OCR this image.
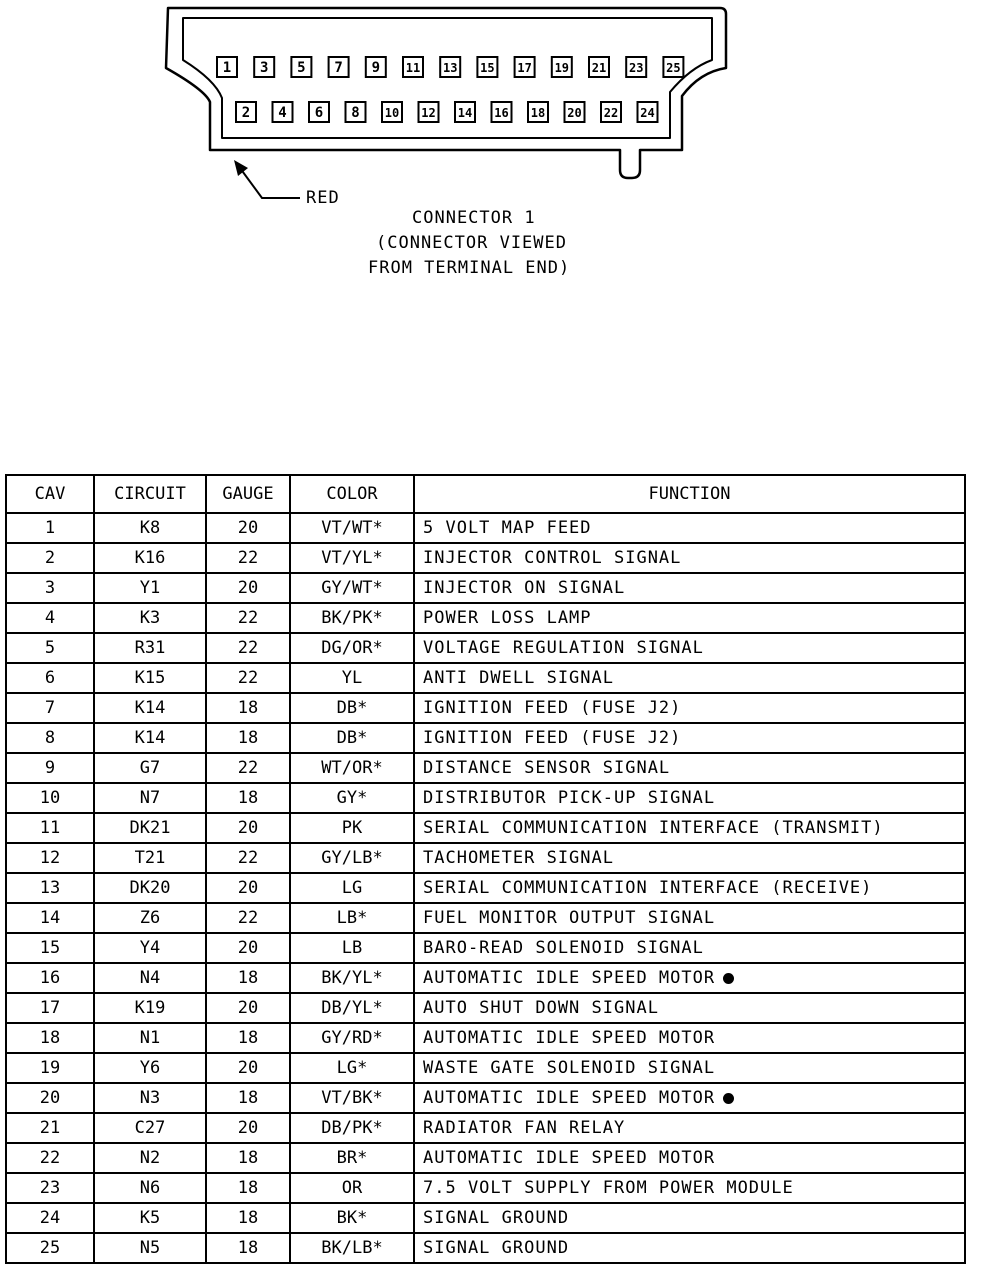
1 3 5 7 9 11 13 15 17 19 21 23 25
2 4 6 8 10 12 14 16 18 20 22 24
RED
CONNECTOR 1
(CONNECTOR VIEWED
FROM TERMINAL END)
CAV	CIRCUIT	GAUGE	COLOR	FUNCTION
1	K8	20	VT/WT*	5 VOLT MAP FEED
2	K16	22	VT/YL*	INJECTOR CONTROL SIGNAL
3	Y1	20	GY/WT*	INJECTOR ON SIGNAL
4	K3	22	BK/PK*	POWER LOSS LAMP
5	R31	22	DG/OR*	VOLTAGE REGULATION SIGNAL
6	K15	22	YL	ANTI DWELL SIGNAL
7	K14	18	DB*	IGNITION FEED (FUSE J2)
8	K14	18	DB*	IGNITION FEED (FUSE J2)
9	G7	22	WT/OR*	DISTANCE SENSOR SIGNAL
10	N7	18	GY*	DISTRIBUTOR PICK-UP SIGNAL
11	DK21	20	PK	SERIAL COMMUNICATION INTERFACE (TRANSMIT)
12	T21	22	GY/LB*	TACHOMETER SIGNAL
13	DK20	20	LG	SERIAL COMMUNICATION INTERFACE (RECEIVE)
14	Z6	22	LB*	FUEL MONITOR OUTPUT SIGNAL
15	Y4	20	LB	BARO-READ SOLENOID SIGNAL
16	N4	18	BK/YL*	AUTOMATIC IDLE SPEED MOTOR
17	K19	20	DB/YL*	AUTO SHUT DOWN SIGNAL
18	N1	18	GY/RD*	AUTOMATIC IDLE SPEED MOTOR
19	Y6	20	LG*	WASTE GATE SOLENOID SIGNAL
20	N3	18	VT/BK*	AUTOMATIC IDLE SPEED MOTOR
21	C27	20	DB/PK*	RADIATOR FAN RELAY
22	N2	18	BR*	AUTOMATIC IDLE SPEED MOTOR
23	N6	18	OR	7.5 VOLT SUPPLY FROM POWER MODULE
24	K5	18	BK*	SIGNAL GROUND
25	N5	18	BK/LB*	SIGNAL GROUND
